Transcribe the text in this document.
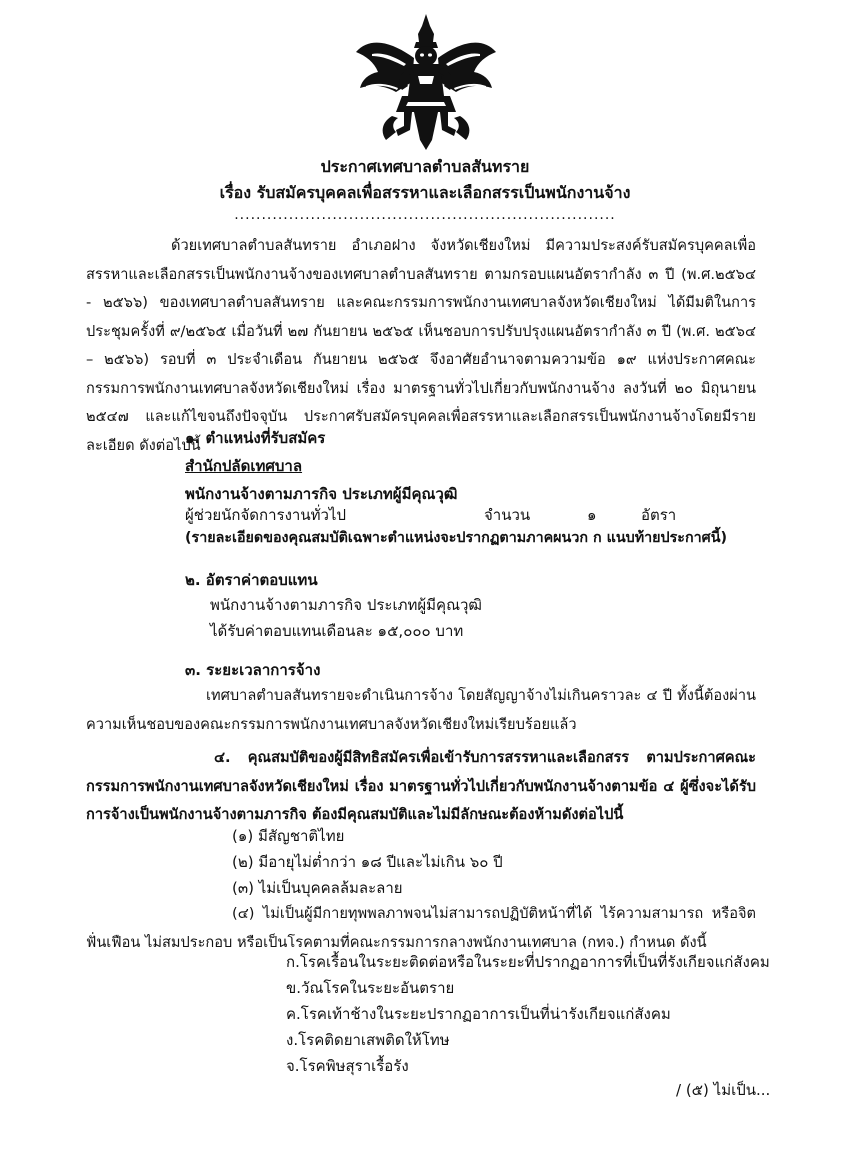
ประกาศเทศบาลตำบลสันทราย
เรื่อง รับสมัครบุคคลเพื่อสรรหาและเลือกสรรเป็นพนักงานจ้าง
......................................................................
ด้วยเทศบาลตำบลสันทราย อำเภอฝาง จังหวัดเชียงใหม่ มีความประสงค์รับสมัครบุคคลเพื่อสรรหาและเลือกสรรเป็นพนักงานจ้างของเทศบาลตำบลสันทราย ตามกรอบแผนอัตรากำลัง ๓ ปี (พ.ศ.๒๕๖๔ - ๒๕๖๖) ของเทศบาลตำบลสันทราย และคณะกรรมการพนักงานเทศบาลจังหวัดเชียงใหม่ ได้มีมติในการประชุมครั้งที่ ๙/๒๕๖๕ เมื่อวันที่ ๒๗ กันยายน ๒๕๖๕ เห็นชอบการปรับปรุงแผนอัตรากำลัง ๓ ปี (พ.ศ. ๒๕๖๔ – ๒๕๖๖) รอบที่ ๓ ประจำเดือน กันยายน ๒๕๖๕ จึงอาศัยอำนาจตามความข้อ ๑๙ แห่งประกาศคณะกรรมการพนักงานเทศบาลจังหวัดเชียงใหม่ เรื่อง มาตรฐานทั่วไปเกี่ยวกับพนักงานจ้าง ลงวันที่ ๒๐ มิถุนายน ๒๕๔๗ และแก้ไขจนถึงปัจจุบัน ประกาศรับสมัครบุคคลเพื่อสรรหาและเลือกสรรเป็นพนักงานจ้างโดยมีรายละเอียด ดังต่อไปนี้
๑. ตำแหน่งที่รับสมัคร
สำนักปลัดเทศบาล
พนักงานจ้างตามภารกิจ ประเภทผู้มีคุณวุฒิ
ผู้ช่วยนักจัดการงานทั่วไป	จำนวน	๑	อัตรา
(รายละเอียดของคุณสมบัติเฉพาะตำแหน่งจะปรากฏตามภาคผนวก ก แนบท้ายประกาศนี้)
๒. อัตราค่าตอบแทน
พนักงานจ้างตามภารกิจ ประเภทผู้มีคุณวุฒิ
ได้รับค่าตอบแทนเดือนละ ๑๕,๐๐๐ บาท
๓. ระยะเวลาการจ้าง
เทศบาลตำบลสันทรายจะดำเนินการจ้าง โดยสัญญาจ้างไม่เกินคราวละ ๔ ปี ทั้งนี้ต้องผ่านความเห็นชอบของคณะกรรมการพนักงานเทศบาลจังหวัดเชียงใหม่เรียบร้อยแล้ว
๔. คุณสมบัติของผู้มีสิทธิสมัครเพื่อเข้ารับการสรรหาและเลือกสรร ตามประกาศคณะกรรมการพนักงานเทศบาลจังหวัดเชียงใหม่ เรื่อง มาตรฐานทั่วไปเกี่ยวกับพนักงานจ้างตามข้อ ๔ ผู้ซึ่งจะได้รับการจ้างเป็นพนักงานจ้างตามภารกิจ ต้องมีคุณสมบัติและไม่มีลักษณะต้องห้ามดังต่อไปนี้
(๑) มีสัญชาติไทย
(๒) มีอายุไม่ต่ำกว่า ๑๘ ปีและไม่เกิน ๖๐ ปี
(๓) ไม่เป็นบุคคลล้มละลาย
(๔) ไม่เป็นผู้มีกายทุพพลภาพจนไม่สามารถปฏิบัติหน้าที่ได้ ไร้ความสามารถ หรือจิตฟั่นเฟือน ไม่สมประกอบ หรือเป็นโรคตามที่คณะกรรมการกลางพนักงานเทศบาล (กทจ.) กำหนด ดังนี้
ก.โรคเรื้อนในระยะติดต่อหรือในระยะที่ปรากฏอาการที่เป็นที่รังเกียจแก่สังคม
ข.วัณโรคในระยะอันตราย
ค.โรคเท้าช้างในระยะปรากฏอาการเป็นที่น่ารังเกียจแก่สังคม
ง.โรคติดยาเสพติดให้โทษ
จ.โรคพิษสุราเรื้อรัง
/ (๕) ไม่เป็น...
